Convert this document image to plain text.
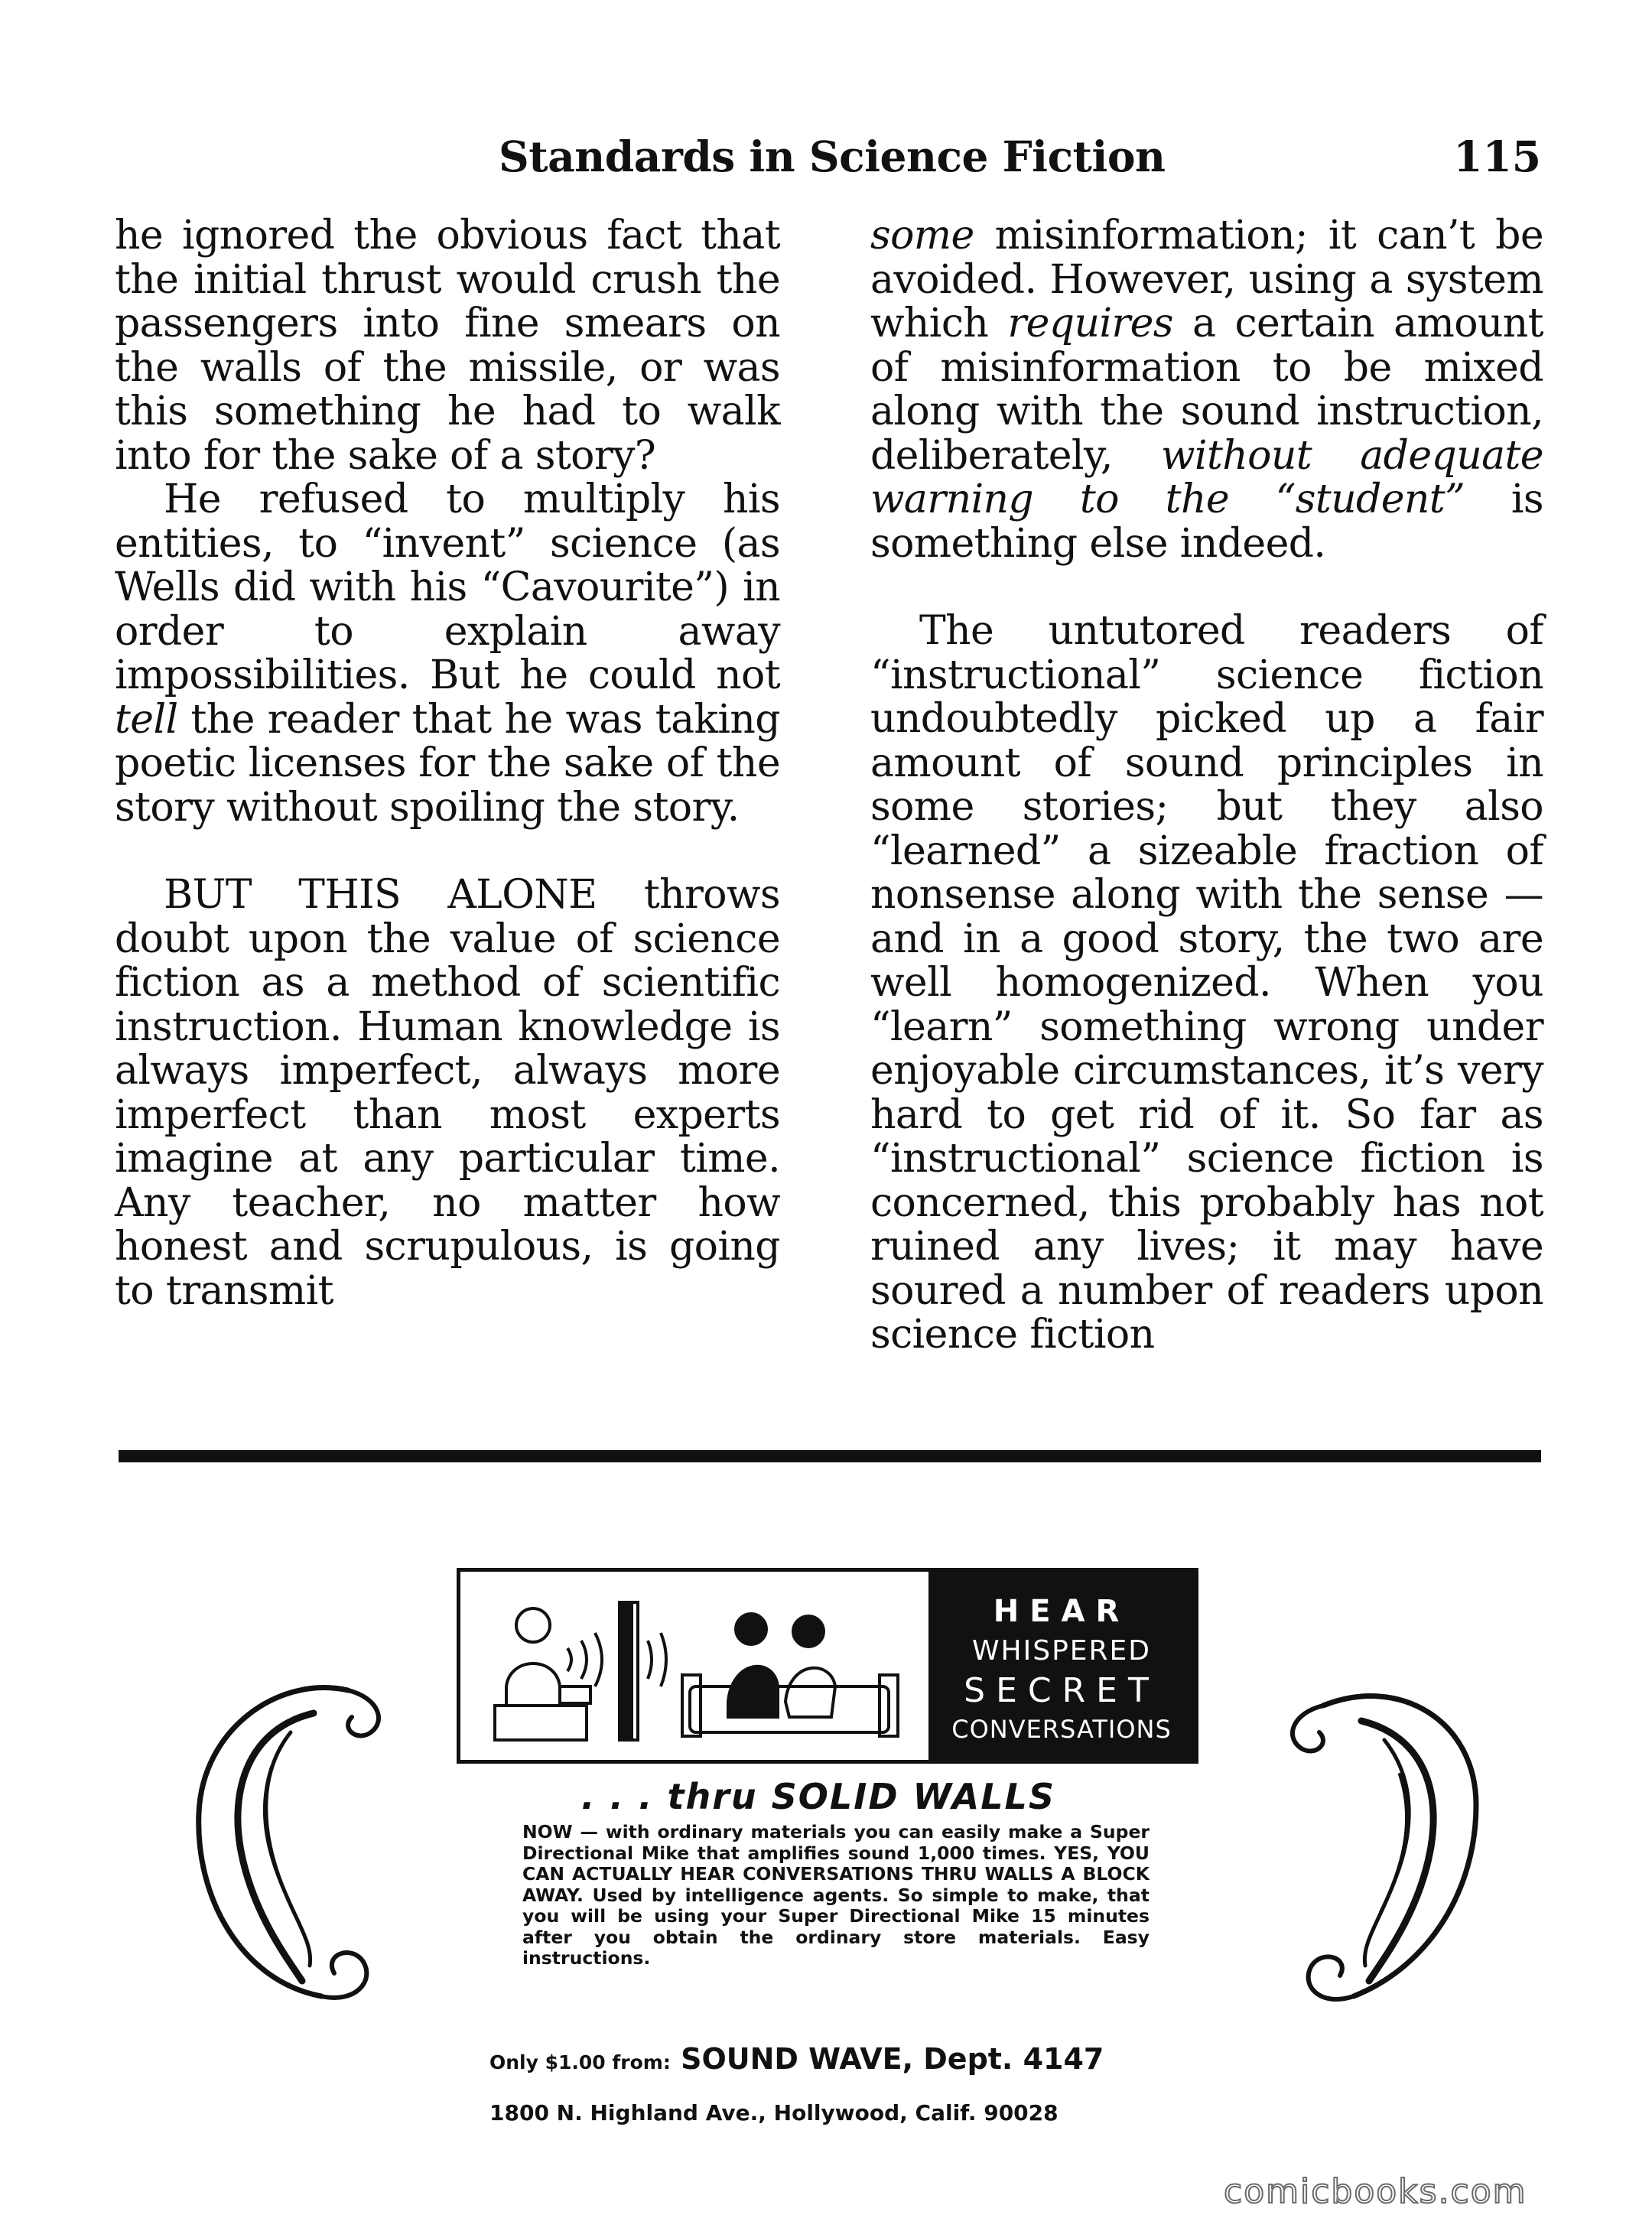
Standards in Science Fiction	115

he ignored the obvious fact that the initial thrust would crush the passengers into fine smears on the walls of the missile, or was this something he had to walk into for the sake of a story?

He refused to multiply his entities, to “invent” science (as Wells did with his “Cavourite”) in order to explain away impossibilities. But he could not tell the reader that he was taking poetic licenses for the sake of the story without spoiling the story.

BUT THIS ALONE throws doubt upon the value of science fiction as a method of scientific instruction. Human knowledge is always imperfect, always more imperfect than most experts imagine at any particular time. Any teacher, no matter how honest and scrupulous, is going to transmit

some misinformation; it can’t be avoided. However, using a system which requires a certain amount of misinformation to be mixed along with the sound instruction, deliberately, without adequate warning to the “student” is something else indeed.

The untutored readers of “instructional” science fiction undoubtedly picked up a fair amount of sound principles in some stories; but they also “learned” a sizeable fraction of nonsense along with the sense — and in a good story, the two are well homogenized. When you “learn” something wrong under enjoyable circumstances, it’s very hard to get rid of it. So far as “instructional” science fiction is concerned, this probably has not ruined any lives; it may have soured a number of readers upon science fiction

HEAR
WHISPERED
SECRET
CONVERSATIONS
. . . thru SOLID WALLS
NOW — with ordinary materials you can easily make a Super Directional Mike that amplifies sound 1,000 times. YES, YOU CAN ACTUALLY HEAR CONVERSATIONS THRU WALLS A BLOCK AWAY. Used by intelligence agents. So simple to make, that you will be using your Super Directional Mike 15 minutes after you obtain the ordinary store materials. Easy instructions.
Only $1.00 from: SOUND WAVE, Dept. 4147
1800 N. Highland Ave., Hollywood, Calif. 90028
comicbooks.com
